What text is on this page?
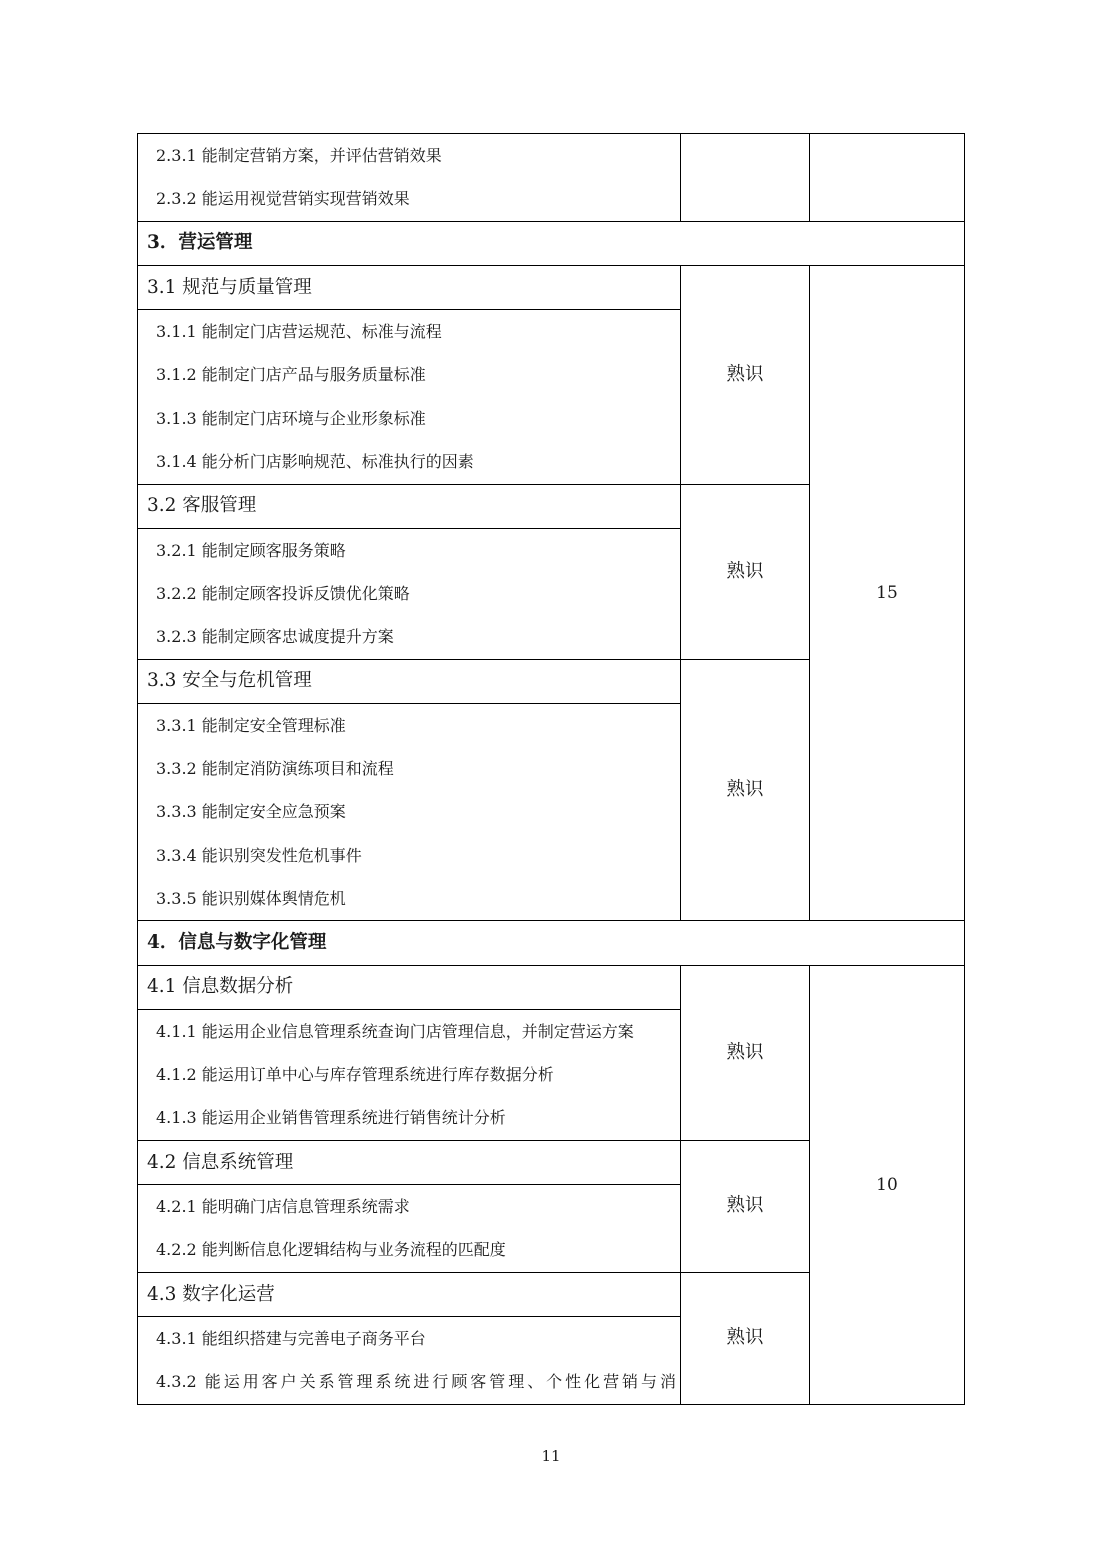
2.3.1 能制定营销方案，并评估营销效果
2.3.2 能运用视觉营销实现营销效果
3．营运管理
3.1 规范与质量管理
3.1.1 能制定门店营运规范、标准与流程
3.1.2 能制定门店产品与服务质量标准
3.1.3 能制定门店环境与企业形象标准
3.1.4 能分析门店影响规范、标准执行的因素
熟识
3.2 客服管理
3.2.1 能制定顾客服务策略
3.2.2 能制定顾客投诉反馈优化策略
3.2.3 能制定顾客忠诚度提升方案
熟识
3.3 安全与危机管理
3.3.1 能制定安全管理标准
3.3.2 能制定消防演练项目和流程
3.3.3 能制定安全应急预案
3.3.4 能识别突发性危机事件
3.3.5 能识别媒体舆情危机
熟识
15
4．信息与数字化管理
4.1 信息数据分析
4.1.1 能运用企业信息管理系统查询门店管理信息，并制定营运方案
4.1.2 能运用订单中心与库存管理系统进行库存数据分析
4.1.3 能运用企业销售管理系统进行销售统计分析
熟识
4.2 信息系统管理
4.2.1 能明确门店信息管理系统需求
4.2.2 能判断信息化逻辑结构与业务流程的匹配度
熟识
4.3 数字化运营
4.3.1 能组织搭建与完善电子商务平台
4.3.2 能运用客户关系管理系统进行顾客管理、个性化营销与消
熟识
10
11
